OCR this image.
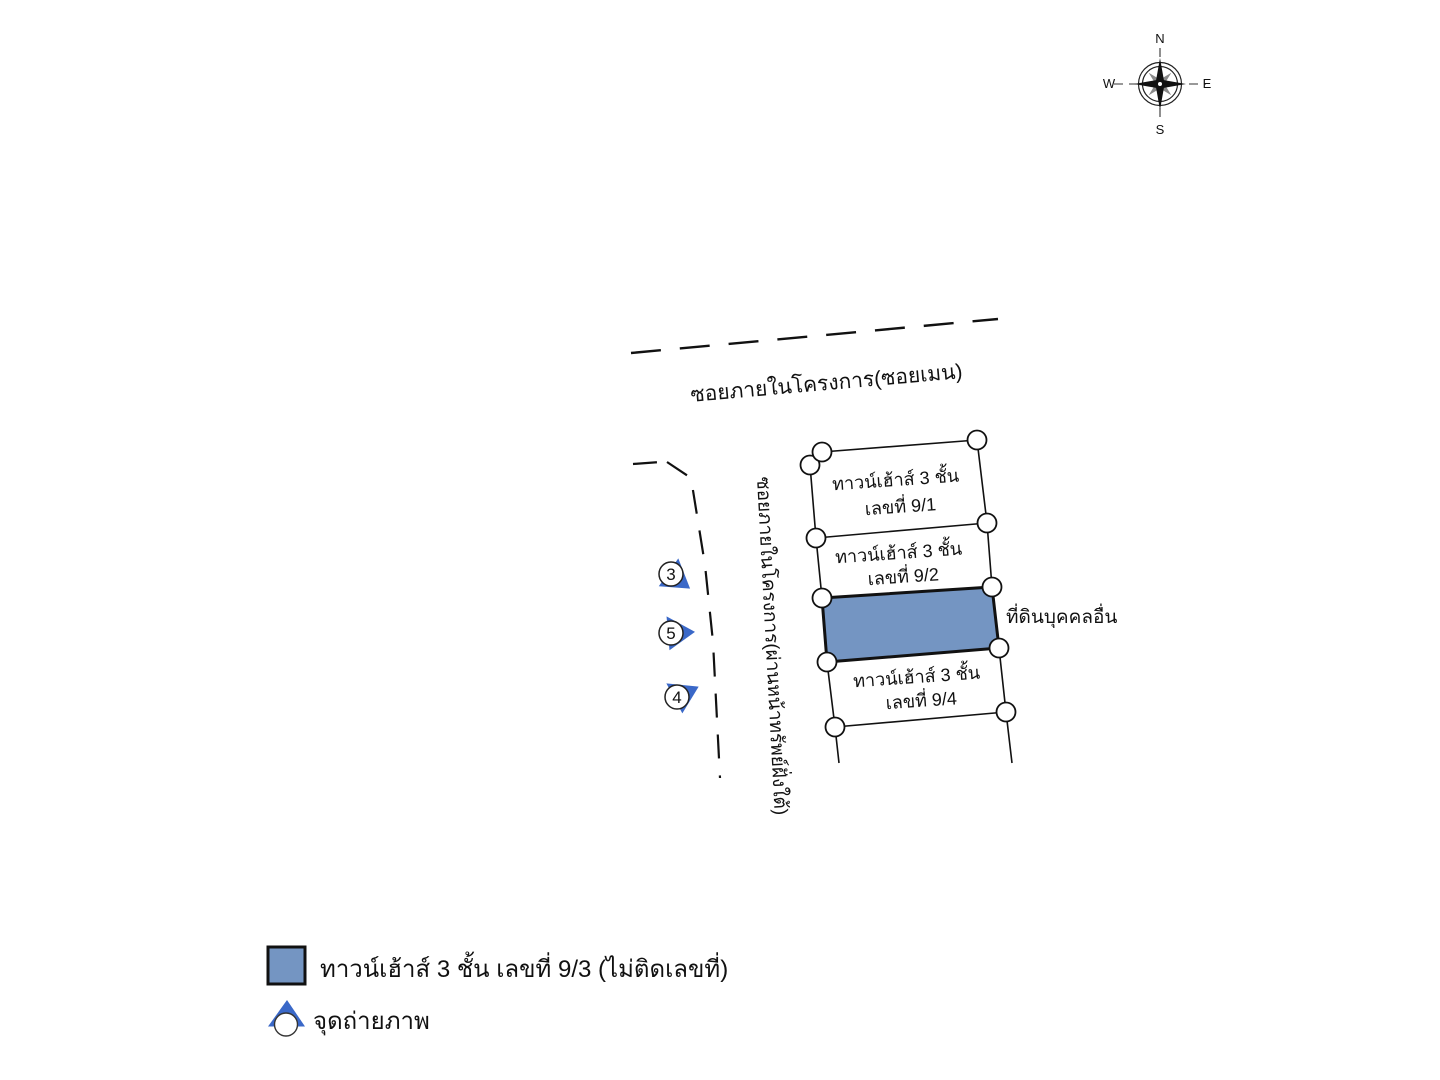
N
E
S
W
ซอยภายในโครงการ(ซอยเมน)
ซอยภายในโครงการ(ผ่านหน้าทรัพย์ฝั่งใต้) ทาวน์เฮ้าส์ 3 ชั้น
เลขที่ 9/1
ทาวน์เฮ้าส์ 3 ชั้น
เลขที่ 9/2
ทาวน์เฮ้าส์ 3 ชั้น
เลขที่ 9/4
ที่ดินบุคคลอื่น
3
5
4
ทาวน์เฮ้าส์ 3 ชั้น เลขที่ 9/3 (ไม่ติดเลขที่)
จุดถ่ายภาพ
